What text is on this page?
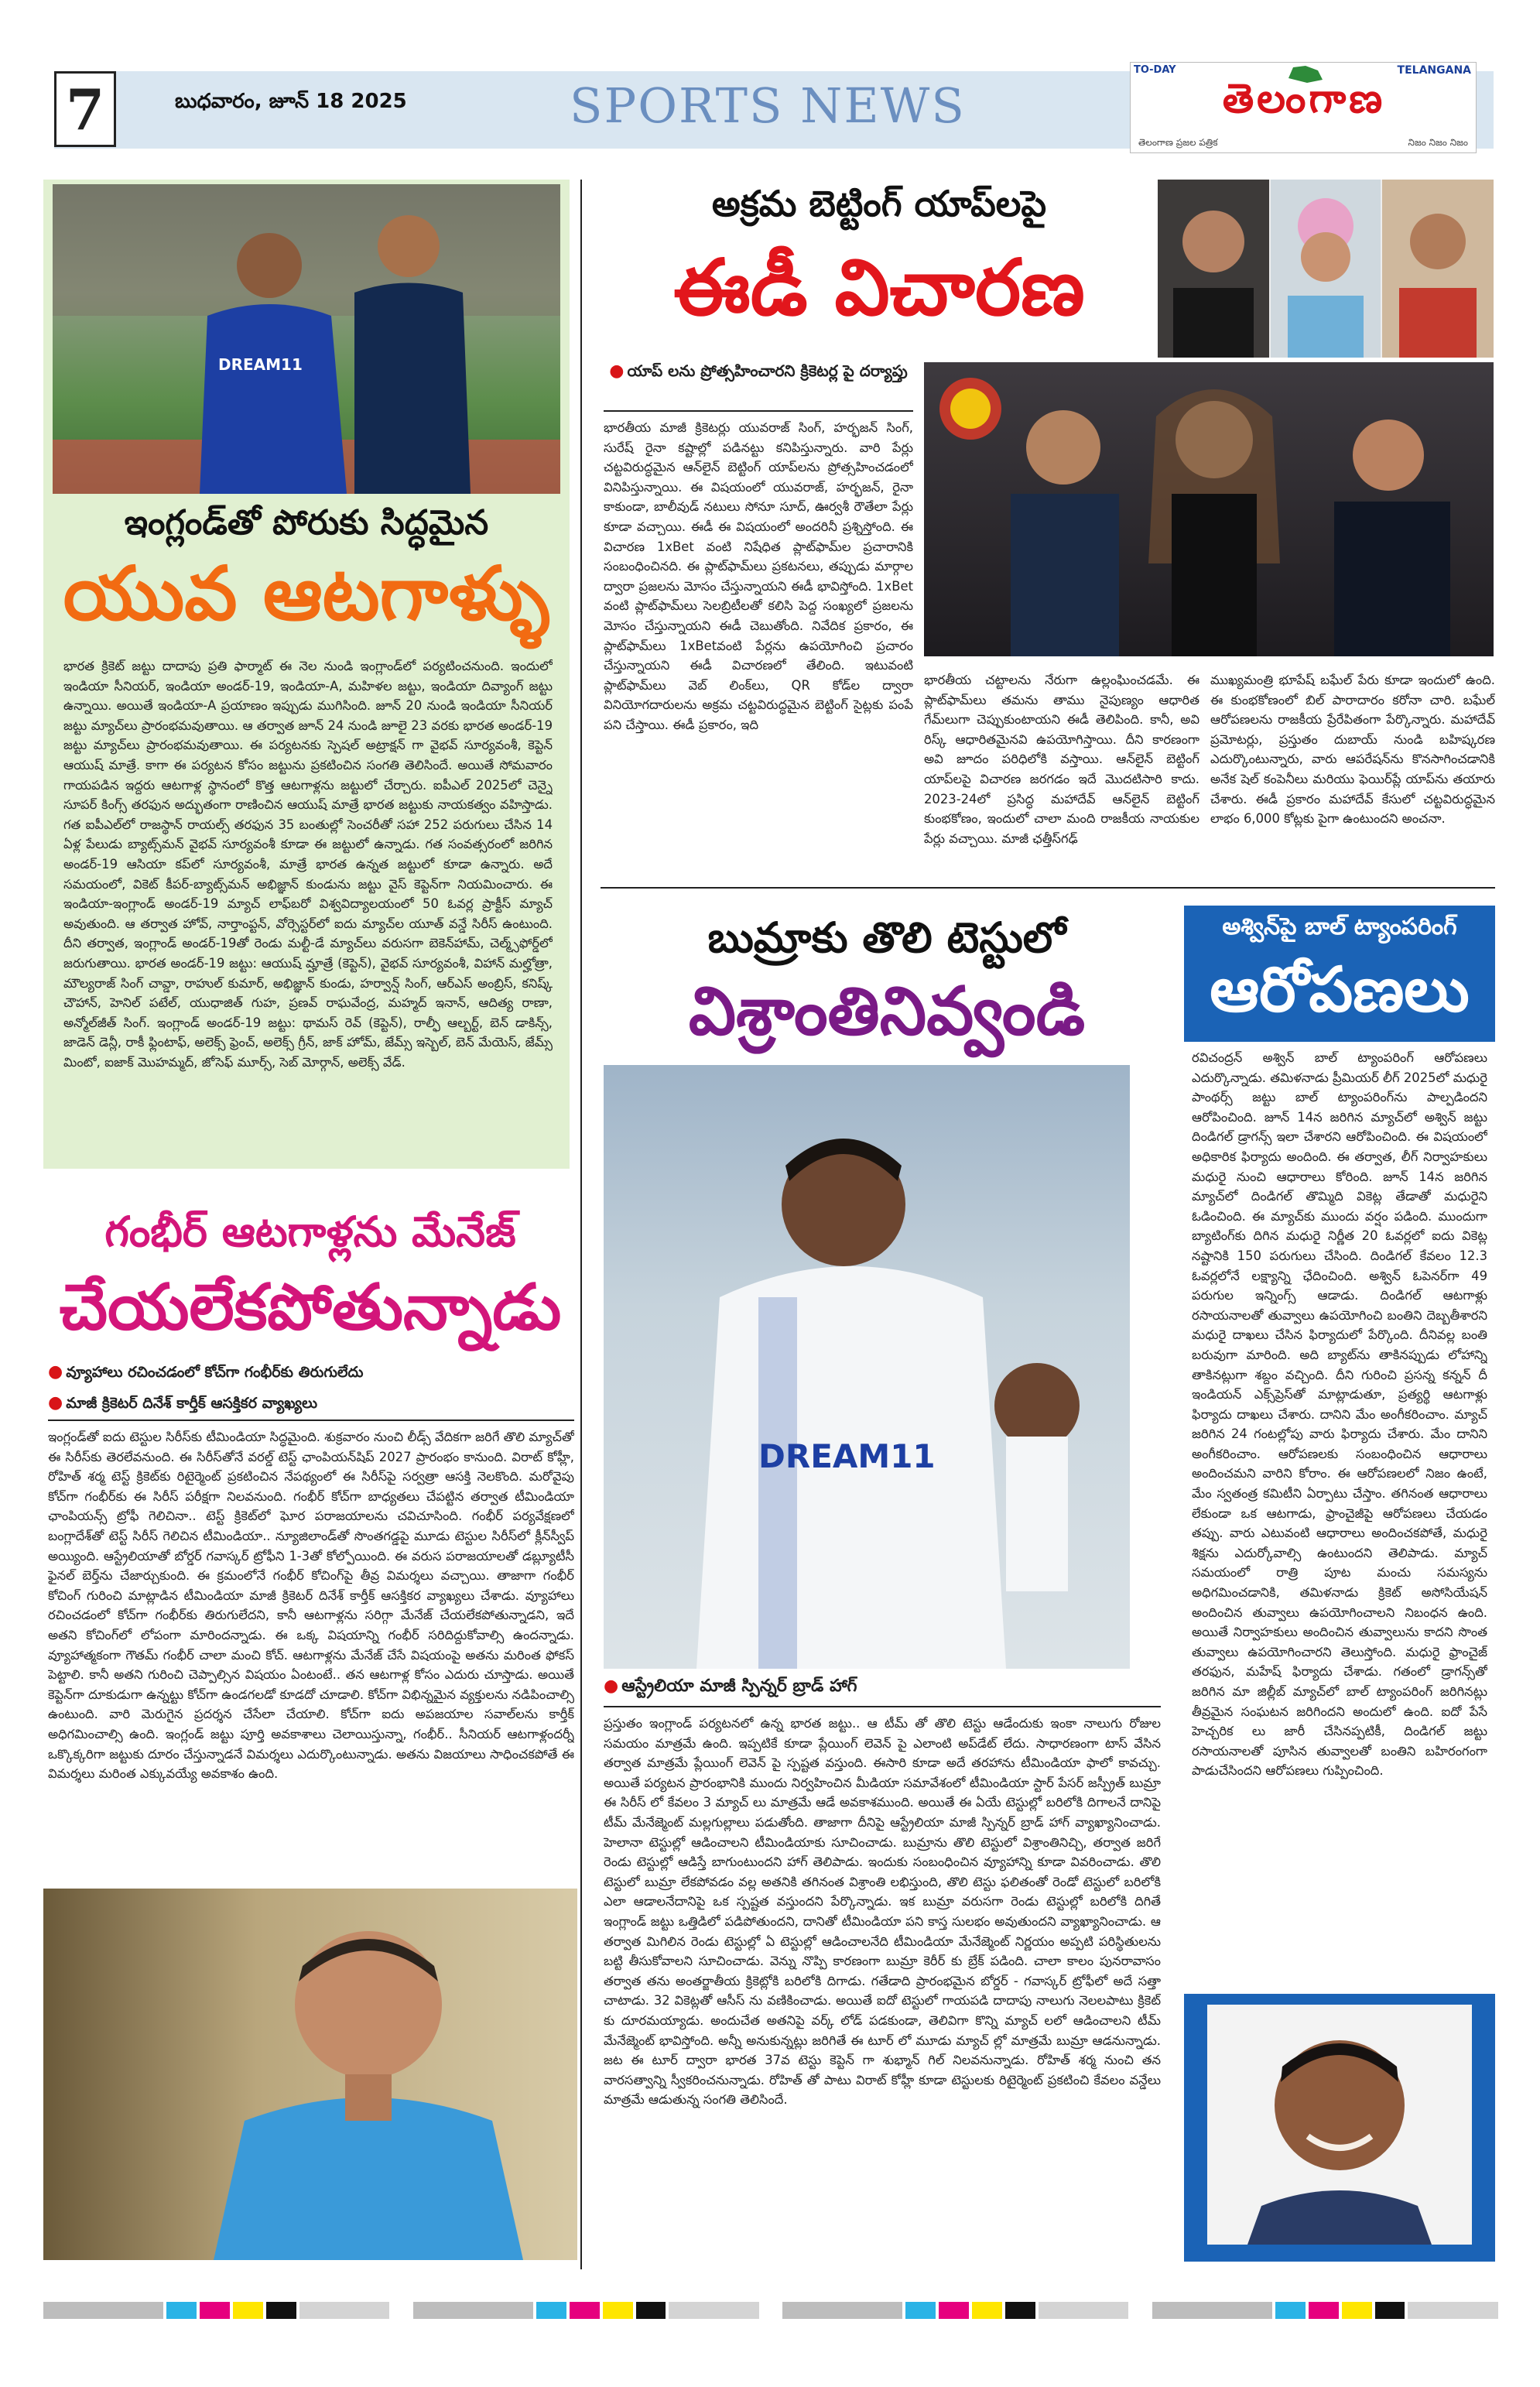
7	బుధవారం, జూన్ 18 2025	SPORTS NEWS
TO-DAY	TELANGANA
తెలంగాణ
తెలంగాణ ప్రజల పత్రిక	నిజం నిజం నిజం
DREAM11
ఇంగ్లండ్‌తో పోరుకు సిద్ధమైన
యువ ఆటగాళ్ళు
భారత క్రికెట్ జట్టు దాదాపు ప్రతి ఫార్మాట్ ఈ నెల నుండి ఇంగ్లాండ్‌లో పర్యటించనుంది. ఇందులో ఇండియా సీనియర్, ఇండియా అండర్-19, ఇండియా-A, మహిళల జట్టు, ఇండియా దివ్యాంగ్ జట్టు ఉన్నాయి. అయితే ఇండియా-A ప్రయాణం ఇప్పుడు ముగిసింది. జూన్ 20 నుండి ఇండియా సీనియర్ జట్టు మ్యాచ్‌లు ప్రారంభమవుతాయి. ఆ తర్వాత జూన్ 24 నుండి జూలై 23 వరకు భారత అండర్-19 జట్టు మ్యాచ్‌లు ప్రారంభమవుతాయి. ఈ పర్యటనకు స్పెషల్ అట్రాక్షన్ గా వైభవ్ సూర్యవంశీ, కెప్టెన్ ఆయుష్ మాత్రే. కాగా ఈ పర్యటన కోసం జట్టును ప్రకటించిన సంగతి తెలిసిందే. అయితే సోమవారం గాయపడిన ఇద్దరు ఆటగాళ్ల స్థానంలో కొత్త ఆటగాళ్లను జట్టులో చేర్చారు. ఐపీఎల్ 2025లో చెన్నై సూపర్ కింగ్స్ తరఫున అద్భుతంగా రాణించిన ఆయుష్ మాత్రే భారత జట్టుకు నాయకత్వం వహిస్తాడు. గత ఐపీఎల్‌లో రాజస్థాన్ రాయల్స్ తరఫున 35 బంతుల్లో సెంచరీతో సహా 252 పరుగులు చేసిన 14 ఏళ్ల పేలుడు బ్యాట్స్‌మన్ వైభవ్ సూర్యవంశీ కూడా ఈ జట్టులో ఉన్నాడు. గత సంవత్సరంలో జరిగిన అండర్-19 ఆసియా కప్‌లో సూర్యవంశీ, మాత్రే భారత ఉన్నత జట్టులో కూడా ఉన్నారు. అదే సమయంలో, వికెట్ కీపర్-బ్యాట్స్‌మన్ అభిజ్ఞాన్ కుండును జట్టు వైస్ కెప్టెన్‌గా నియమించారు. ఈ ఇండియా-ఇంగ్లాండ్ అండర్-19 మ్యాచ్ లాఫ్‌బరో విశ్వవిద్యాలయంలో 50 ఓవర్ల ప్రాక్టీస్ మ్యాచ్ అవుతుంది. ఆ తర్వాత హోవ్, నార్తాంప్టన్, వోర్సెస్టర్‌లో ఐదు మ్యాచ్‌ల యూత్ వన్డే సిరీస్ ఉంటుంది. దీని తర్వాత, ఇంగ్లాండ్ అండర్-19తో రెండు మల్టీ-డే మ్యాచ్‌లు వరుసగా బెకెన్‌హామ్, చెల్మ్స్‌ఫోర్డ్‌లో జరుగుతాయి. భారత అండర్-19 జట్టు: ఆయుష్ మ్హాత్రే (కెప్టెన్), వైభవ్ సూర్యవంశీ, విహాన్ మల్హోత్రా, మౌల్యరాజ్ సింగ్ చావ్డా, రాహుల్ కుమార్, అభిజ్ఞాన్ కుండు, హర్వాన్ష్ సింగ్, ఆర్ఎస్ అంబ్రిస్, కనిష్క్ చౌహాన్, హెనిల్ పటేల్, యుధాజిత్ గుహ, ప్రణవ్ రాఘవేంద్ర, మహ్మద్ ఇనాన్, ఆదిత్య రాణా, అన్మోల్‌జీత్ సింగ్. ఇంగ్లాండ్ అండర్-19 జట్టు: థామస్ రెవ్ (కెప్టెన్), రాల్ఫీ ఆల్బర్ట్, బెన్ డాకిన్స్, జాడెన్ డెన్లీ, రాకీ ఫ్లింటాఫ్, అలెక్స్ ఫ్రెంచ్, అలెక్స్ గ్రీన్, జాక్ హోమ్, జేమ్స్ ఇస్బెల్, బెన్ మేయెస్, జేమ్స్ మింటో, ఐజాక్ మొహమ్మద్, జోసెఫ్ మూర్స్, సెబ్ మోర్గాన్, అలెక్స్ వేడ్.
అక్రమ బెట్టింగ్ యాప్‌లపై
ఈడీ విచారణ
● యాప్ లను ప్రోత్సహించారని క్రికెటర్ల పై దర్యాప్తు
భారతీయ మాజీ క్రికెటర్లు యువరాజ్ సింగ్, హర్భజన్ సింగ్, సురేష్ రైనా కష్టాల్లో పడినట్టు కనిపిస్తున్నారు. వారి పేర్లు చట్టవిరుద్ధమైన ఆన్‌లైన్ బెట్టింగ్ యాప్‌లను ప్రోత్సహించడంలో వినిపిస్తున్నాయి. ఈ విషయంలో యువరాజ్, హర్భజన్, రైనా కాకుండా, బాలీవుడ్ నటులు సోనూ సూద్, ఊర్వశీ రౌతేలా పేర్లు కూడా వచ్చాయి. ఈడీ ఈ విషయంలో అందరినీ ప్రశ్నిస్తోంది. ఈ విచారణ 1xBet వంటి నిషేధిత ప్లాట్‌ఫామ్‌ల ప్రచారానికి సంబంధించినది. ఈ ప్లాట్‌ఫామ్‌లు ప్రకటనలు, తప్పుడు మార్గాల ద్వారా ప్రజలను మోసం చేస్తున్నాయని ఈడీ భావిస్తోంది. 1xBet వంటి ప్లాట్‌ఫామ్‌లు సెలబ్రిటీలతో కలిసి పెద్ద సంఖ్యలో ప్రజలను మోసం చేస్తున్నాయని ఈడీ చెబుతోంది. నివేదిక ప్రకారం, ఈ ప్లాట్‌ఫామ్‌లు 1xBetవంటి పేర్లను ఉపయోగించి ప్రచారం చేస్తున్నాయని ఈడీ విచారణలో తేలింది. ఇటువంటి ప్లాట్‌ఫామ్‌లు వెబ్ లింక్‌లు, QR కోడ్‌ల ద్వారా వినియోగదారులను అక్రమ చట్టవిరుద్ధమైన బెట్టింగ్ సైట్లకు పంపే పని చేస్తాయి. ఈడీ ప్రకారం, ఇది
భారతీయ చట్టాలను నేరుగా ఉల్లంఘించడమే. ఈ ప్లాట్‌ఫామ్‌లు తమను తాము నైపుణ్యం ఆధారిత గేమ్‌లుగా చెప్పుకుంటాయని ఈడీ తెలిపింది. కానీ, అవి రిస్క్ ఆధారితమైనవి ఉపయోగిస్తాయి. దీని కారణంగా అవి జూదం పరిధిలోకి వస్తాయి. ఆన్‌లైన్ బెట్టింగ్ యాప్‌లపై విచారణ జరగడం ఇదే మొదటిసారి కాదు. 2023-24లో ప్రసిద్ధ మహాదేవ్ ఆన్‌లైన్ బెట్టింగ్ కుంభకోణం, ఇందులో చాలా మంది రాజకీయ నాయకుల పేర్లు వచ్చాయి. మాజీ ఛత్తీస్‌గఢ్
ముఖ్యమంత్రి భూపేష్ బఘేల్ పేరు కూడా ఇందులో ఉంది. ఈ కుంభకోణంలో బిల్ పారాదారం కరోనా చారి. బఘేల్ ఆరోపణలను రాజకీయ ప్రేరేపితంగా పేర్కొన్నారు. మహాదేవ్ ప్రమోటర్లు, ప్రస్తుతం దుబాయ్ నుండి బహిష్కరణ ఎదుర్కొంటున్నారు, వారు ఆపరేషన్‌ను కొనసాగించడానికి అనేక షెల్ కంపెనీలు మరియు ఫెయిర్‌ప్లే యాప్‌ను తయారు చేశారు. ఈడీ ప్రకారం మహాదేవ్ కేసులో చట్టవిరుద్ధమైన లాభం 6,000 కోట్లకు పైగా ఉంటుందని అంచనా.
గంభీర్ ఆటగాళ్లను మేనేజ్
చేయలేకపోతున్నాడు
● వ్యూహాలు రచించడంలో కోచ్‌గా గంభీర్‌కు తిరుగులేదు
● మాజీ క్రికెటర్ దినేశ్ కార్తీక్ ఆసక్తికర వ్యాఖ్యలు
ఇంగ్లండ్‌తో ఐదు టెస్టుల సిరీస్‌కు టీమిండియా సిద్ధమైంది. శుక్రవారం నుంచి లీడ్స్ వేదికగా జరిగే తొలి మ్యాచ్‌తో ఈ సిరీస్‌కు తెరలేవనుంది. ఈ సిరీస్‌తోనే వరల్డ్ టెస్ట్ ఛాంపియన్‌షిప్ 2027 ప్రారంభం కానుంది. విరాట్ కోహ్లీ, రోహిత్ శర్మ టెస్ట్ క్రికెట్‌కు రిటైర్మెంట్ ప్రకటించిన నేపథ్యంలో ఈ సిరీస్‌పై సర్వత్రా ఆసక్తి నెలకొంది. మరోవైపు కోచ్‌గా గంభీర్‌కు ఈ సిరీస్ పరీక్షగా నిలవనుంది. గంభీర్ కోచ్‌గా బాధ్యతలు చేపట్టిన తర్వాత టీమిండియా ఛాంపియన్స్ ట్రోఫీ గెలిచినా.. టెస్ట్ క్రికెట్‌లో ఘోర పరాజయాలను చవిచూసింది. గంభీర్ పర్యవేక్షణలో బంగ్లాదేశ్‌తో టెస్ట్ సిరీస్ గెలిచిన టీమిండియా.. న్యూజిలాండ్‌తో సొంతగడ్డపై మూడు టెస్టుల సిరీస్‌లో క్లీన్‌స్వీప్ అయ్యింది. ఆస్ట్రేలియాతో బోర్డర్ గవాస్కర్ ట్రోఫీని 1-3తో కోల్పోయింది. ఈ వరుస పరాజయాలతో డబ్ల్యూటీసీ ఫైనల్ బెర్త్‌ను చేజార్చుకుంది. ఈ క్రమంలోనే గంభీర్ కోచింగ్‌పై తీవ్ర విమర్శలు వచ్చాయి. తాజాగా గంభీర్ కోచింగ్ గురించి మాట్లాడిన టీమిండియా మాజీ క్రికెటర్ దినేశ్ కార్తీక్ ఆసక్తికర వ్యాఖ్యలు చేశాడు. వ్యూహాలు రచించడంలో కోచ్‌గా గంభీర్‌కు తిరుగులేదని, కానీ ఆటగాళ్లను సరిగ్గా మేనేజ్ చేయలేకపోతున్నాడని, ఇదే అతని కోచింగ్‌లో లోపంగా మారిందన్నాడు. ఈ ఒక్క విషయాన్ని గంభీర్ సరిదిద్దుకోవాల్సి ఉందన్నాడు. వ్యూహాత్మకంగా గౌతమ్ గంభీర్ చాలా మంచి కోచ్. ఆటగాళ్లను మేనేజ్ చేసే విషయంపై అతను మరింత ఫోకస్ పెట్టాలి. కానీ అతని గురించి చెప్పాల్సిన విషయం ఏంటంటే.. తన ఆటగాళ్ల కోసం ఎదురు చూస్తాడు. అయితే కెప్టెన్‌గా దూకుడుగా ఉన్నట్టు కోచ్‌గా ఉండగలడో కూడదో చూడాలి. కోచ్‌గా విభిన్నమైన వ్యక్తులను నడిపించాల్సి ఉంటుంది. వారి మెరుగైన ప్రదర్శన చేసేలా చేయాలి. కోచ్‌గా ఐదు అపజయాల సవాల్‌లను కార్తీక్ అధిగమించాల్సి ఉంది. ఇంగ్లండ్ జట్టు పూర్తి అవకాశాలు చెలాయిస్తున్నా, గంభీర్.. సీనియర్ ఆటగాళ్లందర్నీ ఒక్కొక్కరిగా జట్టుకు దూరం చేస్తున్నాడనే విమర్శలు ఎదుర్కొంటున్నాడు. అతను విజయాలు సాధించకపోతే ఈ విమర్శలు మరింత ఎక్కువయ్యే అవకాశం ఉంది.
బుమ్రాకు తొలి టెస్టులో
విశ్రాంతినివ్వండి
DREAM11
● ఆస్ట్రేలియా మాజీ స్పిన్నర్ బ్రాడ్ హాగ్
ప్రస్తుతం ఇంగ్లాండ్ పర్యటనలో ఉన్న భారత జట్టు.. ఆ టీమ్ తో తొలి టెస్టు ఆడేందుకు ఇంకా నాలుగు రోజుల సమయం మాత్రమే ఉంది. ఇప్పటికే కూడా ప్లేయింగ్ లెవెన్ పై ఎలాంటి అప్‌డేట్ లేదు. సాధారణంగా టాస్ వేసిన తర్వాత మాత్రమే ప్లేయింగ్ లెవెన్ పై స్పష్టత వస్తుంది. ఈసారి కూడా అదే తరహాను టీమిండియా ఫాలో కావచ్చు. అయితే పర్యటన ప్రారంభానికి ముందు నిర్వహించిన మీడియా సమావేశంలో టీమిండియా స్టార్ పేసర్ జస్ప్రీత్ బుమ్రా ఈ సిరీస్ లో కేవలం 3 మ్యాచ్ లు మాత్రమే ఆడే అవకాశముంది. అయితే ఈ ఏయే టెస్టుల్లో బరిలోకి దిగాలనే దానిపై టీమ్ మేనేజ్మెంట్ మల్లగుల్లాలు పడుతోంది. తాజాగా దీనిపై ఆస్ట్రేలియా మాజీ స్పిన్నర్ బ్రాడ్ హాగ్ వ్యాఖ్యానించాడు. హెలానా టెస్టుల్లో ఆడించాలని టీమిండియాకు సూచించాడు. బుమ్రాను తొలి టెస్టులో విశ్రాంతినిచ్చి, తర్వాత జరిగే రెండు టెస్టుల్లో ఆడిస్తే బాగుంటుందని హాగ్ తెలిపాడు. ఇందుకు సంబంధించిన వ్యూహాన్ని కూడా వివరించాడు. తొలి టెస్టులో బుమ్రా లేకపోవడం వల్ల అతనికి తగినంత విశ్రాంతి లభిస్తుంది, తొలి టెస్టు ఫలితంతో రెండో టెస్టులో బరిలోకి ఎలా ఆడాలనేదానిపై ఒక స్పష్టత వస్తుందని పేర్కొన్నాడు. ఇక బుమ్రా వరుసగా రెండు టెస్టుల్లో బరిలోకి దిగితే ఇంగ్లాండ్ జట్టు ఒత్తిడిలో పడిపోతుందని, దానితో టీమిండియా పని కాస్త సులభం అవుతుందని వ్యాఖ్యానించాడు. ఆ తర్వాత మిగిలిన రెండు టెస్టుల్లో ఏ టెస్టుల్లో ఆడించాలనేది టీమిండియా మేనేజ్మెంట్ నిర్ణయం అప్పటి పరిస్థితులను బట్టి తీసుకోవాలని సూచించాడు. వెన్ను నొప్పి కారణంగా బుమ్రా కెరీర్ కు బ్రేక్ పడింది. చాలా కాలం పునరావాసం తర్వాత తను అంతర్జాతీయ క్రికెట్లోకి బరిలోకి దిగాడు. గతేడాది ప్రారంభమైన బోర్డర్ - గవాస్కర్ ట్రోఫీలో అదే సత్తా చాటాడు. 32 వికెట్లతో ఆసీస్ ను వణికించాడు. అయితే ఐదో టెస్టులో గాయపడి దాదాపు నాలుగు నెలలపాటు క్రికెట్ కు దూరమయ్యాడు. అందుచేత అతనిపై వర్క్ లోడ్ పడకుండా, తెలివిగా కొన్ని మ్యాచ్ లలో ఆడించాలని టీమ్ మేనేజ్మెంట్ భావిస్తోంది. అన్నీ అనుకున్నట్లు జరిగితే ఈ టూర్ లో మూడు మ్యాచ్ ల్లో మాత్రమే బుమ్రా ఆడనున్నాడు. జట ఈ టూర్ ద్వారా భారత 37వ టెస్టు కెప్టెన్ గా శుభ్మాన్ గిల్ నిలవనున్నాడు. రోహిత్ శర్మ నుంచి తన వారసత్వాన్ని స్వీకరించనున్నాడు. రోహిత్ తో పాటు విరాట్ కోహ్లీ కూడా టెస్టులకు రిటైర్మెంట్ ప్రకటించి కేవలం వన్డేలు మాత్రమే ఆడుతున్న సంగతి తెలిసిందే.
అశ్విన్‌పై బాల్ ట్యాంపరింగ్
ఆరోపణలు
రవిచంద్రన్ అశ్విన్ బాల్ ట్యాంపరింగ్ ఆరోపణలు ఎదుర్కొన్నాడు. తమిళనాడు ప్రీమియర్ లీగ్ 2025లో మధురై పాంథర్స్ జట్టు బాల్ ట్యాంపరింగ్‌ను పాల్పడిందని ఆరోపించింది. జూన్ 14న జరిగిన మ్యాచ్‌లో అశ్విన్ జట్టు దిండిగల్ డ్రాగన్స్ ఇలా చేశారని ఆరోపించింది. ఈ విషయంలో అధికారిక ఫిర్యాదు అందింది. ఈ తర్వాత, లీగ్ నిర్వాహకులు మధురై నుంచి ఆధారాలు కోరింది. జూన్ 14న జరిగిన మ్యాచ్‌లో దిండిగల్ తొమ్మిది వికెట్ల తేడాతో మధురైని ఓడించింది. ఈ మ్యాచ్‌కు ముందు వర్షం పడింది. ముందుగా బ్యాటింగ్‌కు దిగిన మధురై నిర్ణీత 20 ఓవర్లలో ఐదు వికెట్ల నష్టానికి 150 పరుగులు చేసింది. దిండిగల్ కేవలం 12.3 ఓవర్లలోనే లక్ష్యాన్ని ఛేదించింది. అశ్విన్ ఓపెనర్‌గా 49 పరుగుల ఇన్నింగ్స్ ఆడాడు. దిండిగల్ ఆటగాళ్లు రసాయనాలతో తువ్వాలు ఉపయోగించి బంతిని దెబ్బతీశారని మధురై దాఖలు చేసిన ఫిర్యాదులో పేర్కొంది. దీనివల్ల బంతి బరువుగా మారింది. అది బ్యాట్‌ను తాకినప్పుడు లోహాన్ని తాకినట్లుగా శబ్దం వచ్చింది. దీని గురించి ప్రసన్న కన్నన్ దీ ఇండియన్ ఎక్స్‌ప్రెస్‌తో మాట్లాడుతూ, ప్రత్యర్థి ఆటగాళ్లు ఫిర్యాదు దాఖలు చేశారు. దానిని మేం అంగీకరించాం. మ్యాచ్ జరిగిన 24 గంటల్లోపు వారు ఫిర్యాదు చేశారు. మేం దానిని అంగీకరించాం. ఆరోపణలకు సంబంధించిన ఆధారాలు అందించమని వారిని కోరాం. ఈ ఆరోపణలలో నిజం ఉంటే, మేం స్వతంత్ర కమిటీని ఏర్పాటు చేస్తాం. తగినంత ఆధారాలు లేకుండా ఒక ఆటగాడు, ఫ్రాంచైజీపై ఆరోపణలు చేయడం తప్పు. వారు ఎటువంటి ఆధారాలు అందించకపోతే, మధురై శిక్షను ఎదుర్కోవాల్సి ఉంటుందని తెలిపాడు. మ్యాచ్ సమయంలో రాత్రి పూట మంచు సమస్యను అధిగమించడానికి, తమిళనాడు క్రికెట్ అసోసియేషన్ అందించిన తువ్వాలు ఉపయోగించాలని నిబంధన ఉంది. అయితే నిర్వాహకులు అందించిన తువ్వాలును కాదని సొంత తువ్వాలు ఉపయోగించారని తెలుస్తోంది. మధురై ఫ్రాంచైజ్ తరఫున, మహేష్ ఫిర్యాదు చేశాడు. గతంలో డ్రాగన్స్‌తో జరిగిన మా జిల్లీబ్ మ్యాచ్‌లో బాల్ ట్యాంపరింగ్ జరిగినట్లు తీవ్రమైన సంఘటన జరిగిందని అందులో ఉంది. ఐదో పేసే హెచ్చరిక లు జారీ చేసినప్పటికీ, దిండిగల్ జట్టు రసాయనాలతో పూసిన తువ్వాలతో బంతిని బహిరంగంగా పాడుచేసిందని ఆరోపణలు గుప్పించింది.
